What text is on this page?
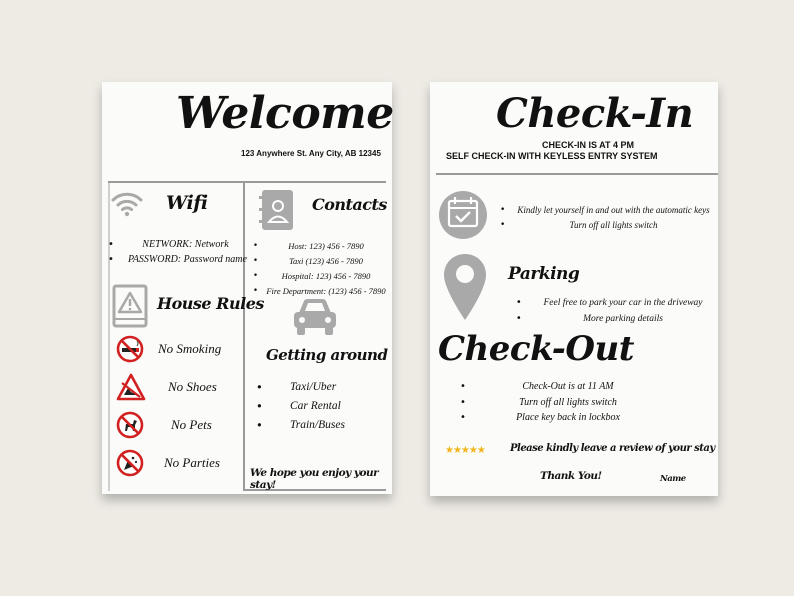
Welcome
123 Anywhere St. Any City, AB 12345
Wifi
• NETWORK: Network
• PASSWORD: Password name
House Rules
No Smoking
No Shoes
No Pets
No Parties
Contacts
• Host: 123) 456 - 7890
• Taxi (123) 456 - 7890
• Hospital: 123) 456 - 7890
• Fire Department: (123) 456 - 7890
Getting around
• Taxi/Uber
• Car Rental
• Train/Buses
We hope you enjoy your stay!
Check-In
CHECK-IN IS AT 4 PM
SELF CHECK-IN WITH KEYLESS ENTRY SYSTEM
• Kindly let yourself in and out with the automatic keys
• Turn off all lights switch
Parking
• Feel free to park your car in the driveway
• More parking details
Check-Out
• Check-Out is at 11 AM
• Turn off all lights switch
• Place key back in lockbox
★★★★★	Please kindly leave a review of your stay
Thank You!	Name
